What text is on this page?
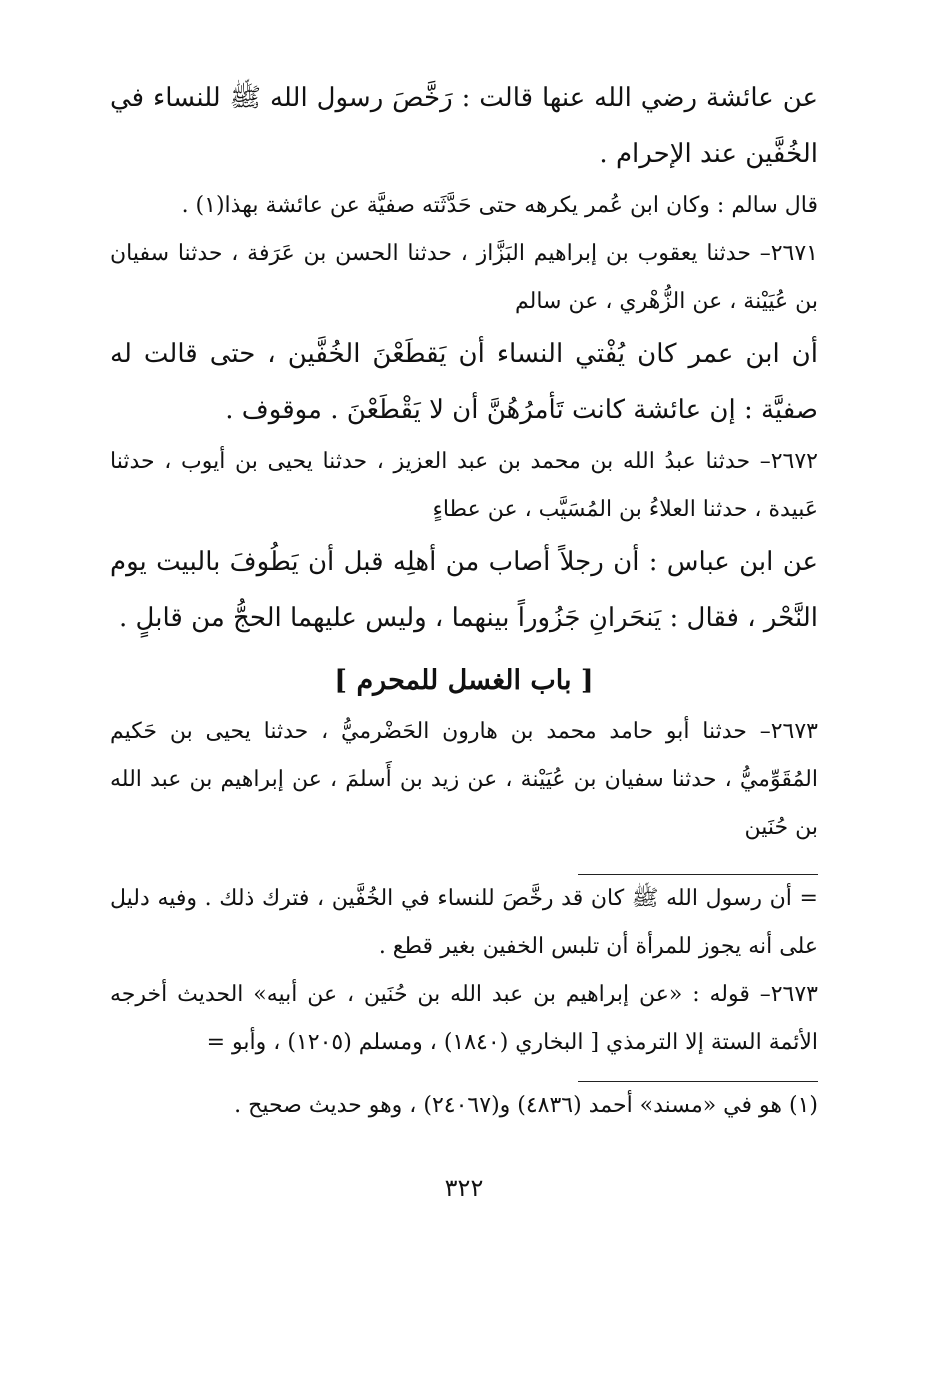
عن عائشة رضي الله عنها قالت : رَخَّصَ رسول الله ﷺ للنساء في الخُفَّين عند الإحرام .

قال سالم : وكان ابن عُمر يكرهه حتى حَدَّثَته صفيَّة عن عائشة بهذا(١) .

٢٦٧١– حدثنا يعقوب بن إبراهيم البَزَّاز ، حدثنا الحسن بن عَرَفة ، حدثنا سفيان بن عُيَيْنة ، عن الزُّهْري ، عن سالم

أن ابن عمر كان يُفْتي النساء أن يَقطَعْنَ الخُفَّين ، حتى قالت له صفيَّة : إن عائشة كانت تَأمرُهُنَّ أن لا يَقْطَعْنَ . موقوف .

٢٦٧٢– حدثنا عبدُ الله بن محمد بن عبد العزيز ، حدثنا يحيى بن أيوب ، حدثنا عَبيدة ، حدثنا العلاءُ بن المُسَيَّب ، عن عطاءٍ

عن ابن عباس : أن رجلاً أصاب من أهلِه قبل أن يَطُوفَ بالبيت يوم النَّحْر ، فقال : يَنحَرانِ جَزُوراً بينهما ، وليس عليهما الحجُّ من قابلٍ .

[ باب الغسل للمحرم ]

٢٦٧٣– حدثنا أبو حامد محمد بن هارون الحَضْرميُّ ، حدثنا يحيى بن حَكيم المُقَوِّميُّ ، حدثنا سفيان بن عُيَيْنة ، عن زيد بن أَسلمَ ، عن إبراهيم بن عبد الله بن حُنَين

= أن رسول الله ﷺ كان قد رخَّصَ للنساء في الخُفَّين ، فترك ذلك . وفيه دليل على أنه يجوز للمرأة أن تلبس الخفين بغير قطع .

٢٦٧٣– قوله : «عن إبراهيم بن عبد الله بن حُنَين ، عن أبيه» الحديث أخرجه الأئمة الستة إلا الترمذي [ البخاري (١٨٤٠) ، ومسلم (١٢٠٥) ، وأبو =

(١) هو في «مسند» أحمد (٤٨٣٦) و(٢٤٠٦٧) ، وهو حديث صحيح .

٣٢٢
